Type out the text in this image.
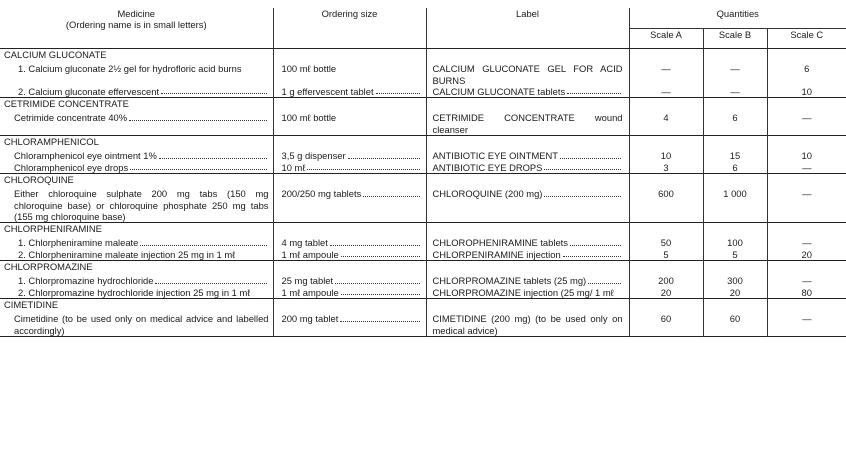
Medicine
(Ordering name is in small letters)	Ordering size	Label	Quantities		
			Scale A	Scale B	Scale C

CALCIUM GLUCONATE					

1. Calcium gluconate 2½ gel for hydrofloric acid burns	100 mℓ bottle	CALCIUM GLUCONATE GEL FOR ACID BURNS	—	—	6

2. Calcium gluconate effervescent	1 g effervescent tablet	CALCIUM GLUCONATE tablets	—	—	10

CETRIMIDE CONCENTRATE					

Cetrimide concentrate 40%	100 mℓ bottle	CETRIMIDE CONCENTRATE wound cleanser	4	6	—

CHLORAMPHENICOL					

Chloramphenicol eye ointment 1%	3,5 g dispenser	ANTIBIOTIC EYE OINTMENT	10	15	10

Chloramphenicol eye drops	10 mℓ	ANTIBIOTIC EYE DROPS	3	6	—

CHLOROQUINE					

Either chloroquine sulphate 200 mg tabs (150 mg chloroquine base) or chloroquine phosphate 250 mg tabs (155 mg chloroquine base)	200/250 mg tablets	CHLOROQUINE (200 mg)	600	1 000	—

CHLORPHENIRAMINE					

1. Chlorpheniramine maleate	4 mg tablet	CHLOROPHENIRAMINE tablets	50	100	—

2. Chlorpheniramine maleate injection 25 mg in 1 mℓ	1 mℓ ampoule	CHLORPENIRAMINE injection	5	5	20

CHLORPROMAZINE					

1. Chlorpromazine hydrochloride	25 mg tablet	CHLORPROMAZINE tablets (25 mg)	200	300	—

2. Chlorpromazine hydrochloride injection 25 mg in 1 mℓ	1 mℓ ampoule	CHLORPROMAZINE injection (25 mg/ 1 mℓ	20	20	80

CIMETIDINE					

Cimetidine (to be used only on medical advice and labelled accordingly)	200 mg tablet	CIMETIDINE (200 mg) (to be used only on medical advice)	60	60	—
